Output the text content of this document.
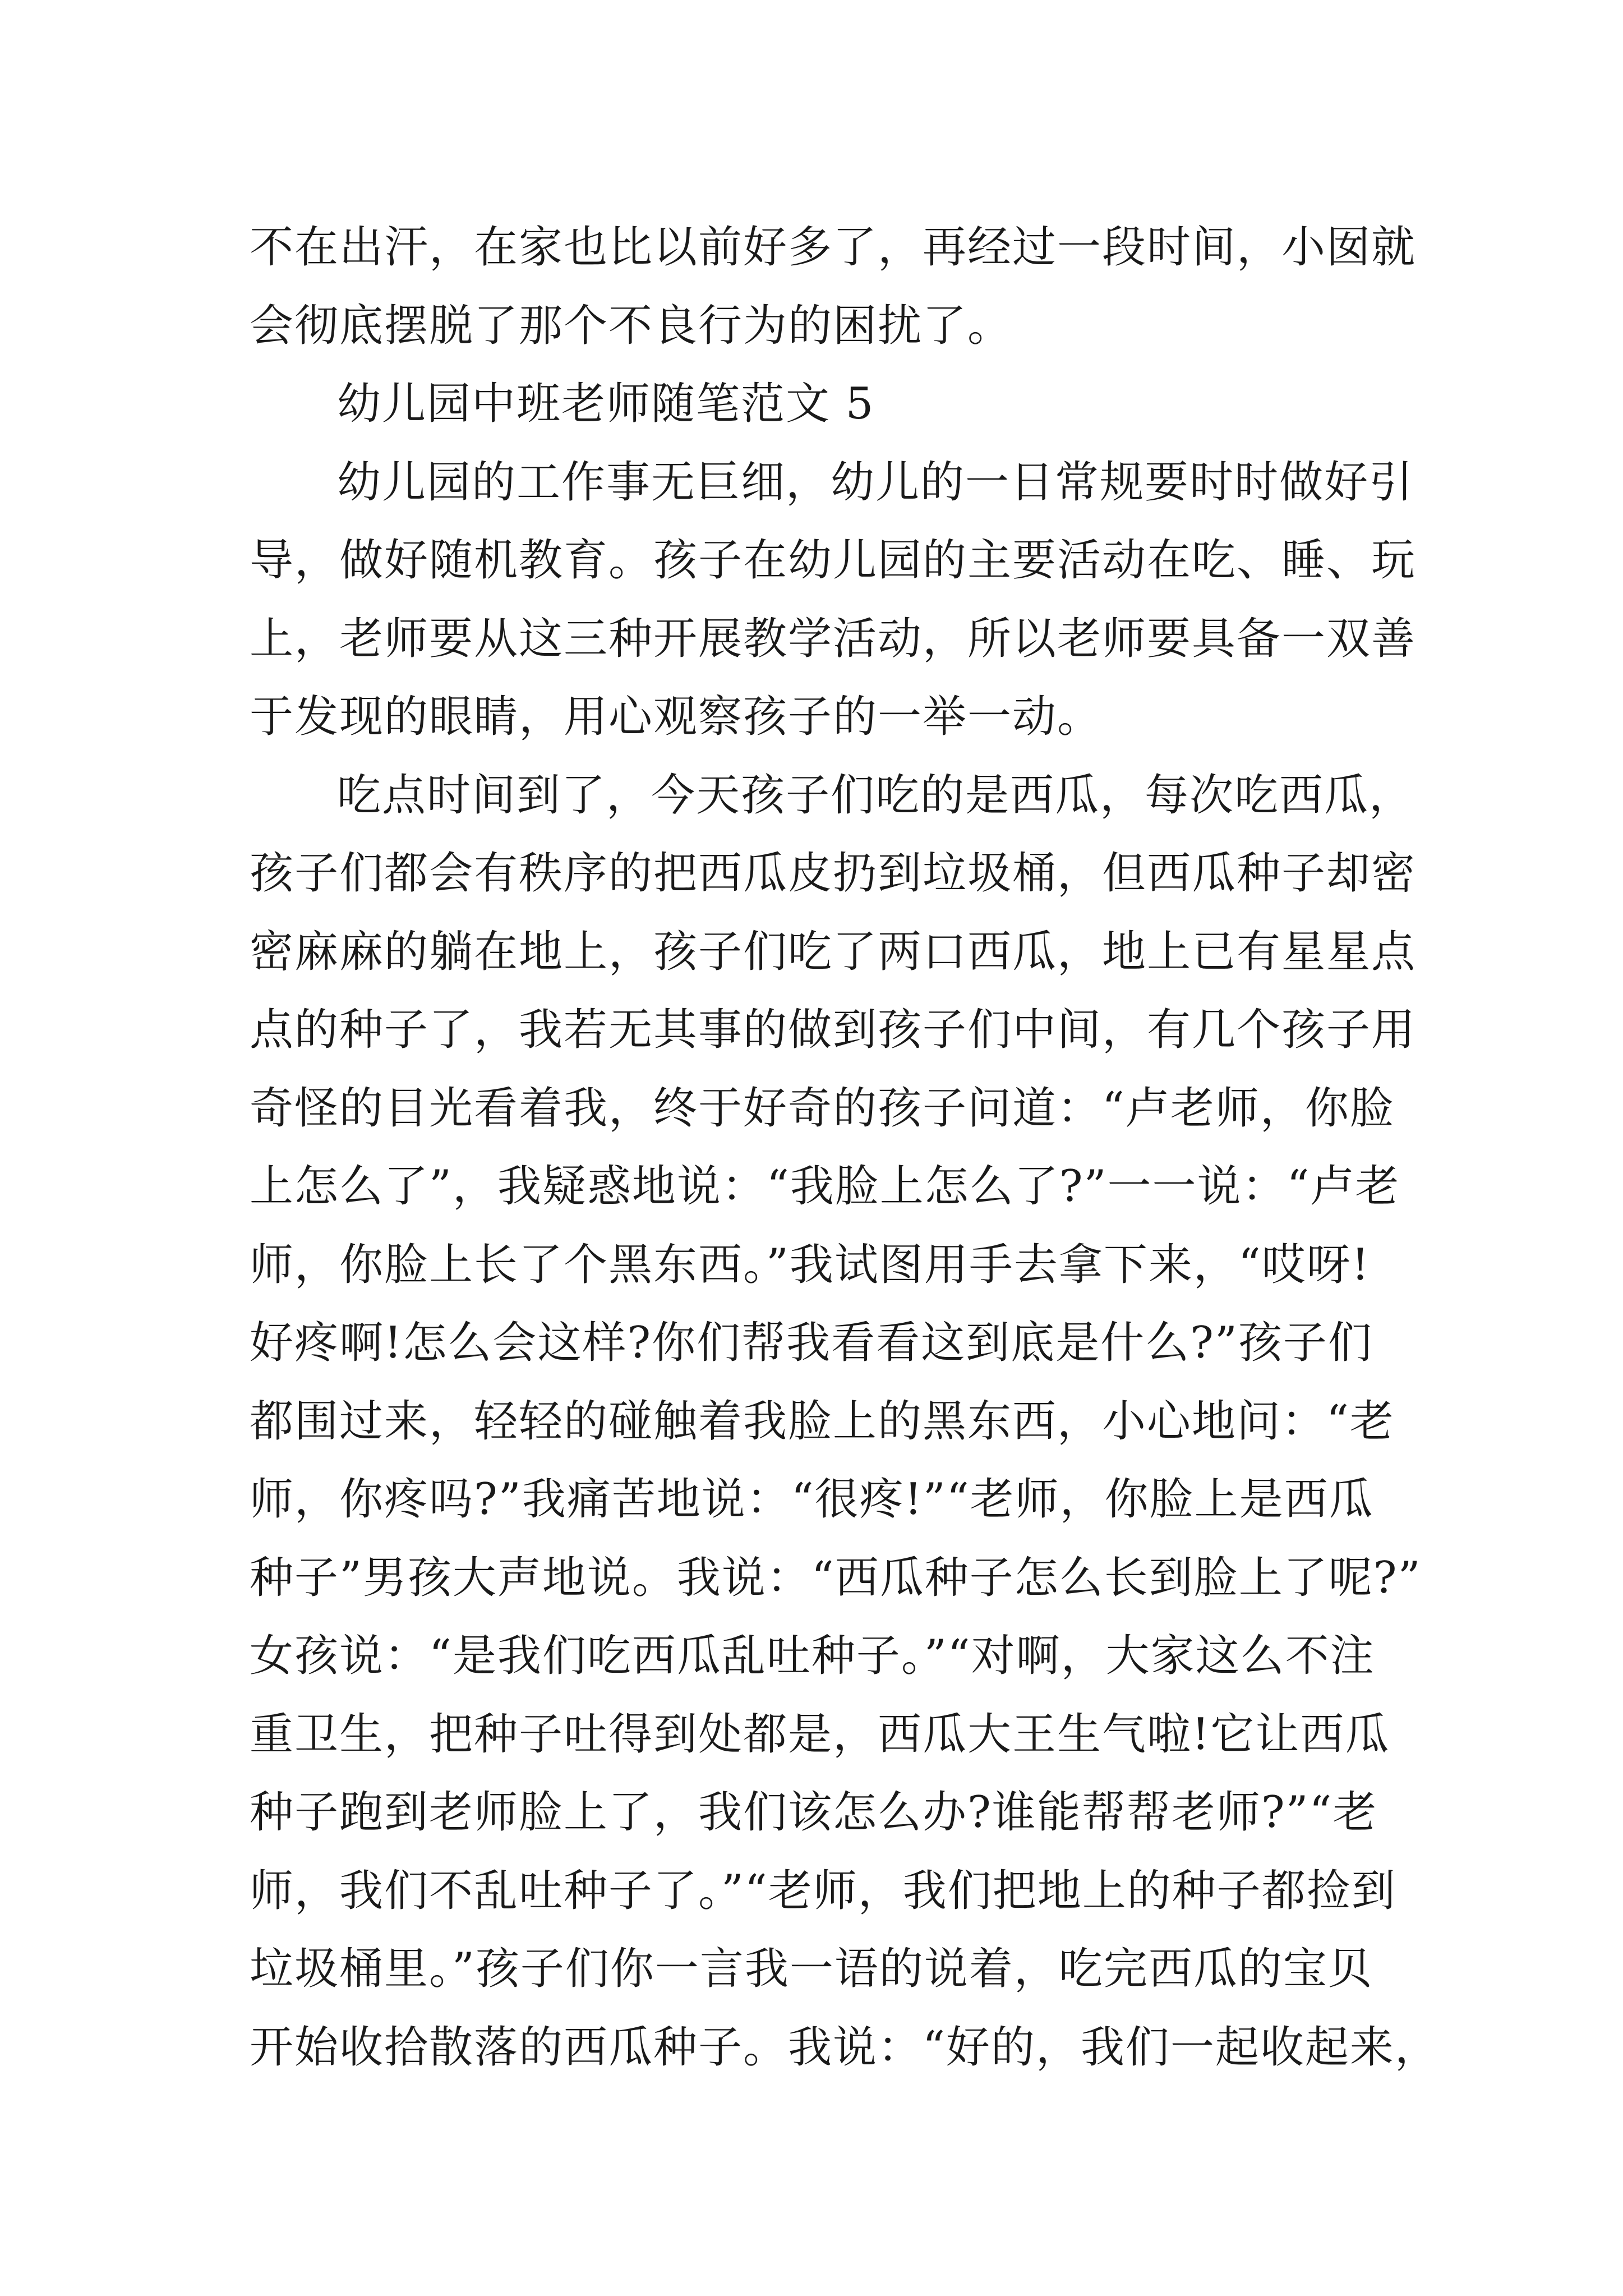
不在出汗，在家也比以前好多了，再经过一段时间，小囡就
会彻底摆脱了那个不良行为的困扰了。
幼儿园中班老师随笔范文 5
幼儿园的工作事无巨细，幼儿的一日常规要时时做好引
导，做好随机教育。孩子在幼儿园的主要活动在吃、睡、玩
上，老师要从这三种开展教学活动，所以老师要具备一双善
于发现的眼睛，用心观察孩子的一举一动。
吃点时间到了，今天孩子们吃的是西瓜，每次吃西瓜，
孩子们都会有秩序的把西瓜皮扔到垃圾桶，但西瓜种子却密
密麻麻的躺在地上，孩子们吃了两口西瓜，地上已有星星点
点的种子了，我若无其事的做到孩子们中间，有几个孩子用
奇怪的目光看着我，终于好奇的孩子问道：“卢老师，你脸
上怎么了”，我疑惑地说：“我脸上怎么了?”一一说：“卢老
师，你脸上长了个黑东西。”我试图用手去拿下来，“哎呀!
好疼啊!怎么会这样?你们帮我看看这到底是什么?”孩子们
都围过来，轻轻的碰触着我脸上的黑东西，小心地问：“老
师，你疼吗?”我痛苦地说：“很疼!”“老师，你脸上是西瓜
种子”男孩大声地说。我说：“西瓜种子怎么长到脸上了呢?”
女孩说：“是我们吃西瓜乱吐种子。”“对啊，大家这么不注
重卫生，把种子吐得到处都是，西瓜大王生气啦!它让西瓜
种子跑到老师脸上了，我们该怎么办?谁能帮帮老师?”“老
师，我们不乱吐种子了。”“老师，我们把地上的种子都捡到
垃圾桶里。”孩子们你一言我一语的说着，吃完西瓜的宝贝
开始收拾散落的西瓜种子。我说：“好的，我们一起收起来，
